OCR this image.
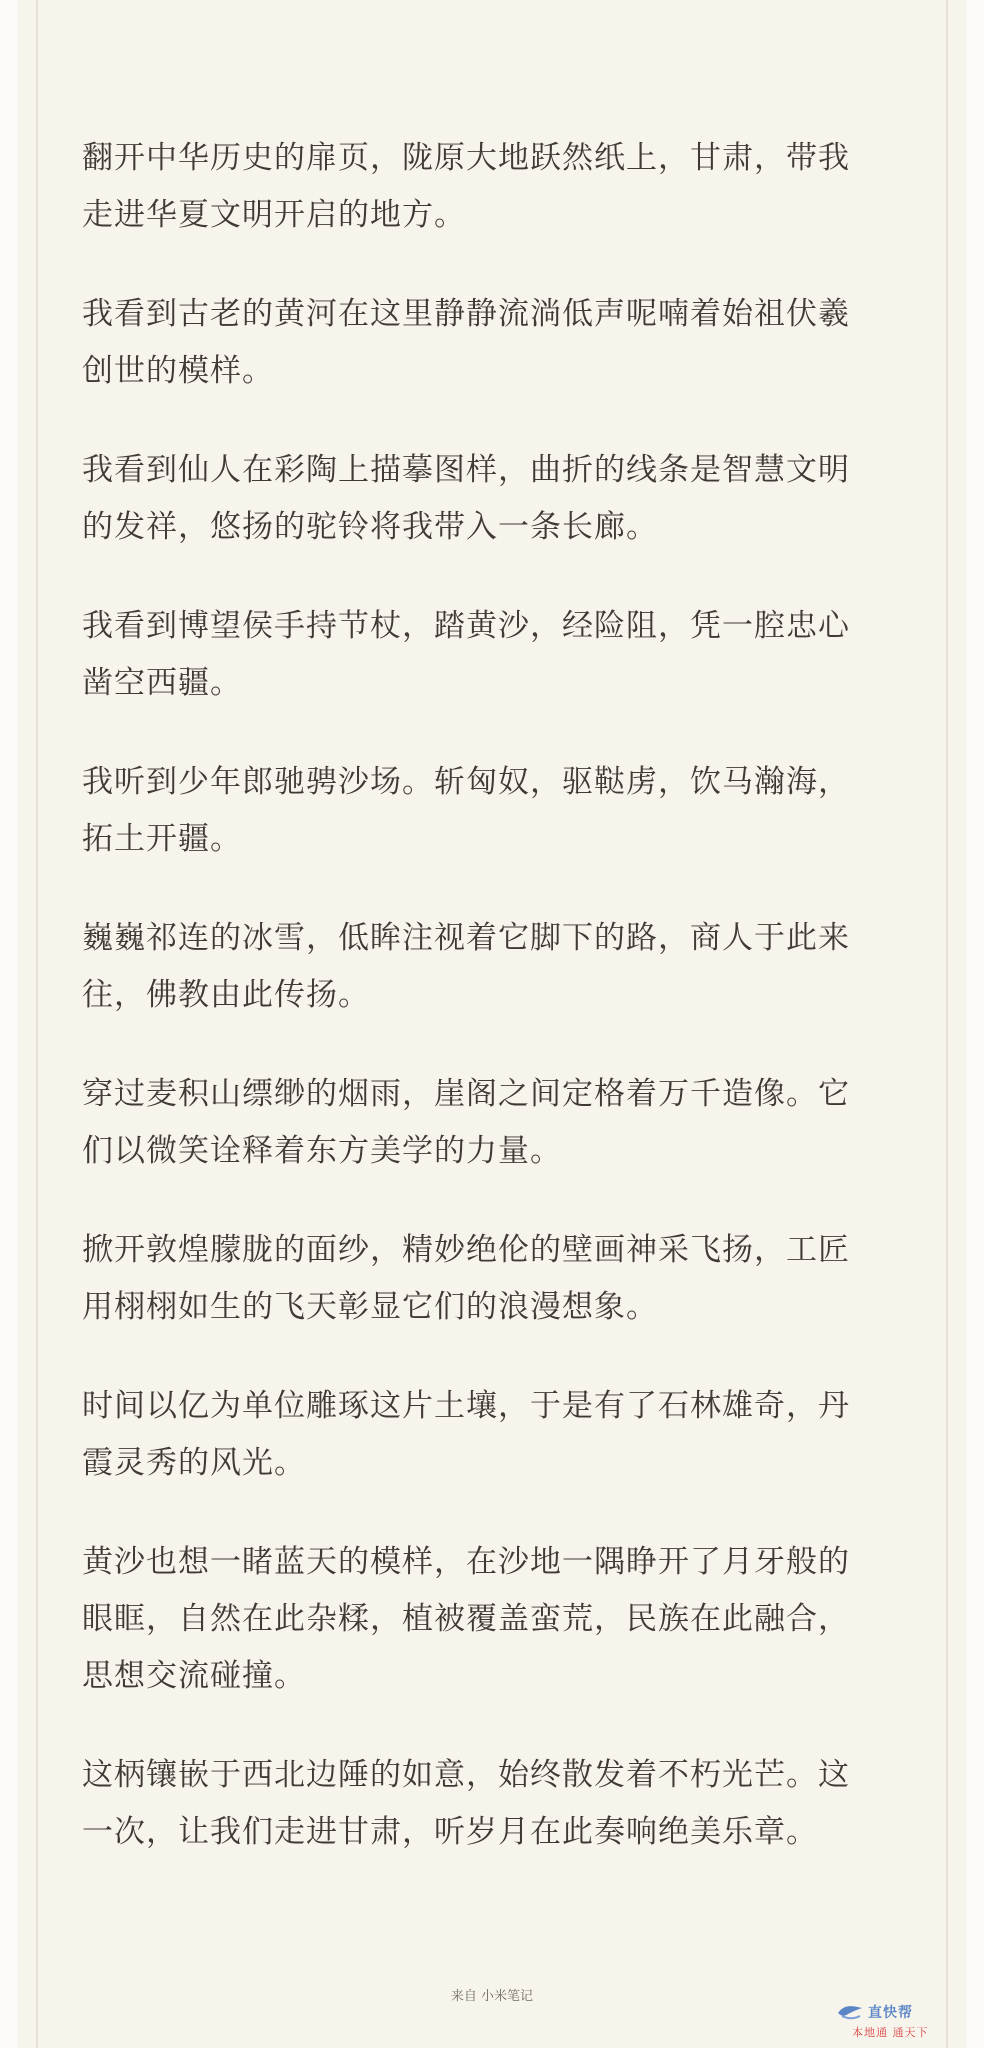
翻开中华历史的扉页，陇原大地跃然纸上，甘肃，带我
走进华夏文明开启的地方。

我看到古老的黄河在这里静静流淌低声呢喃着始祖伏羲
创世的模样。

我看到仙人在彩陶上描摹图样，曲折的线条是智慧文明
的发祥，悠扬的驼铃将我带入一条长廊。

我看到博望侯手持节杖，踏黄沙，经险阻，凭一腔忠心
凿空西疆。

我听到少年郎驰骋沙场。斩匈奴，驱鞑虏，饮马瀚海，
拓土开疆。

巍巍祁连的冰雪，低眸注视着它脚下的路，商人于此来
往，佛教由此传扬。

穿过麦积山缥缈的烟雨，崖阁之间定格着万千造像。它
们以微笑诠释着东方美学的力量。

掀开敦煌朦胧的面纱，精妙绝伦的壁画神采飞扬，工匠
用栩栩如生的飞天彰显它们的浪漫想象。

时间以亿为单位雕琢这片土壤，于是有了石林雄奇，丹
霞灵秀的风光。

黄沙也想一睹蓝天的模样，在沙地一隅睁开了月牙般的
眼眶，自然在此杂糅，植被覆盖蛮荒，民族在此融合，
思想交流碰撞。

这柄镶嵌于西北边陲的如意，始终散发着不朽光芒。这
一次，让我们走进甘肃，听岁月在此奏响绝美乐章。

来自 小米笔记
直快帮
本地通 通天下
